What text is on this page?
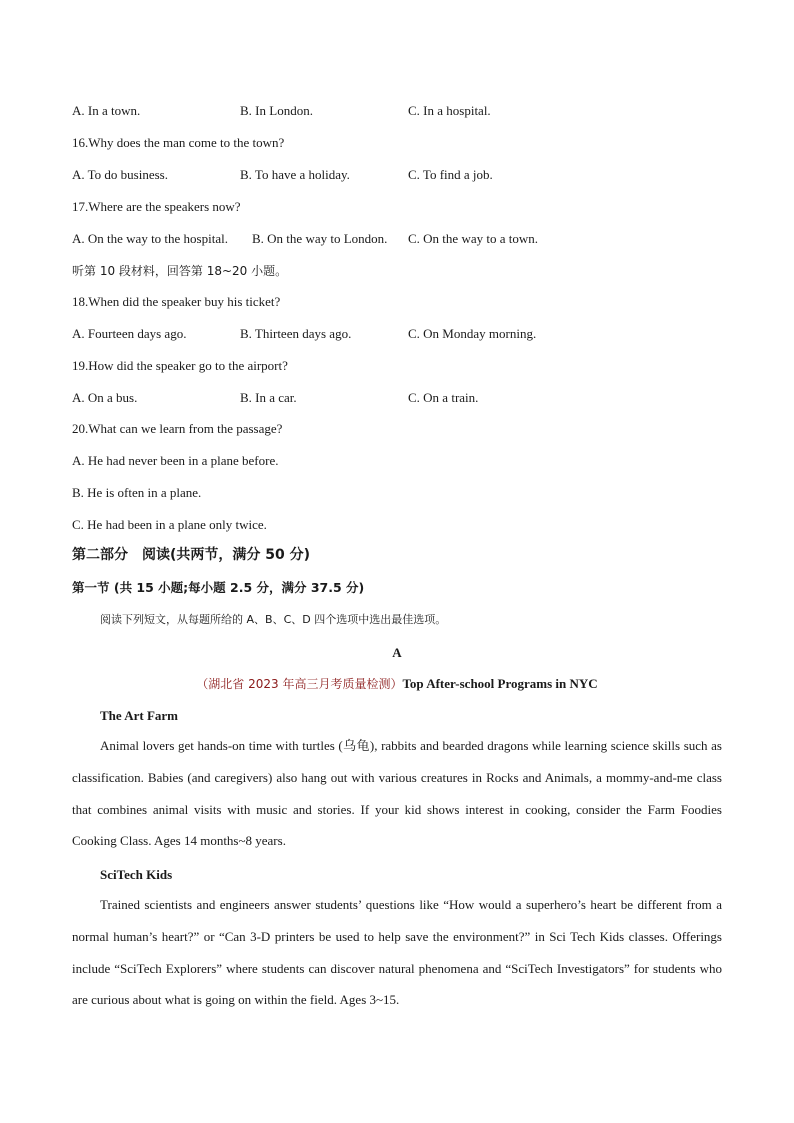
A. In a town.	B. In London.	C. In a hospital.
16.Why does the man come to the town?
A. To do business.	B. To have a holiday.	C. To find a job.
17.Where are the speakers now?
A. On the way to the hospital. B. On the way to London. C. On the way to a town.
听第 10 段材料，回答第 18~20 小题。
18.When did the speaker buy his ticket?
A. Fourteen days ago.	B. Thirteen days ago.	C. On Monday morning.
19.How did the speaker go to the airport?
A. On a bus.	B. In a car.	C. On a train.
20.What can we learn from the passage?
A. He had never been in a plane before.
B. He is often in a plane.
C. He had been in a plane only twice.
第二部分　阅读(共两节，满分 50 分)
第一节 (共 15 小题;每小题 2.5 分，满分 37.5 分)
阅读下列短文，从每题所给的 A、B、C、D 四个选项中选出最佳选项。
A
（湖北省 2023 年高三月考质量检测）Top After-school Programs in NYC
The Art Farm
Animal lovers get hands-on time with turtles (乌龟), rabbits and bearded dragons while learning science skills such as classification. Babies (and caregivers) also hang out with various creatures in Rocks and Animals, a mommy-and-me class that combines animal visits with music and stories. If your kid shows interest in cooking, consider the Farm Foodies Cooking Class. Ages 14 months~8 years.
SciTech Kids
Trained scientists and engineers answer students’ questions like “How would a superhero’s heart be different from a normal human’s heart?” or “Can 3-D printers be used to help save the environment?” in Sci Tech Kids classes. Offerings include “SciTech Explorers” where students can discover natural phenomena and “SciTech Investigators” for students who are curious about what is going on within the field. Ages 3~15.
